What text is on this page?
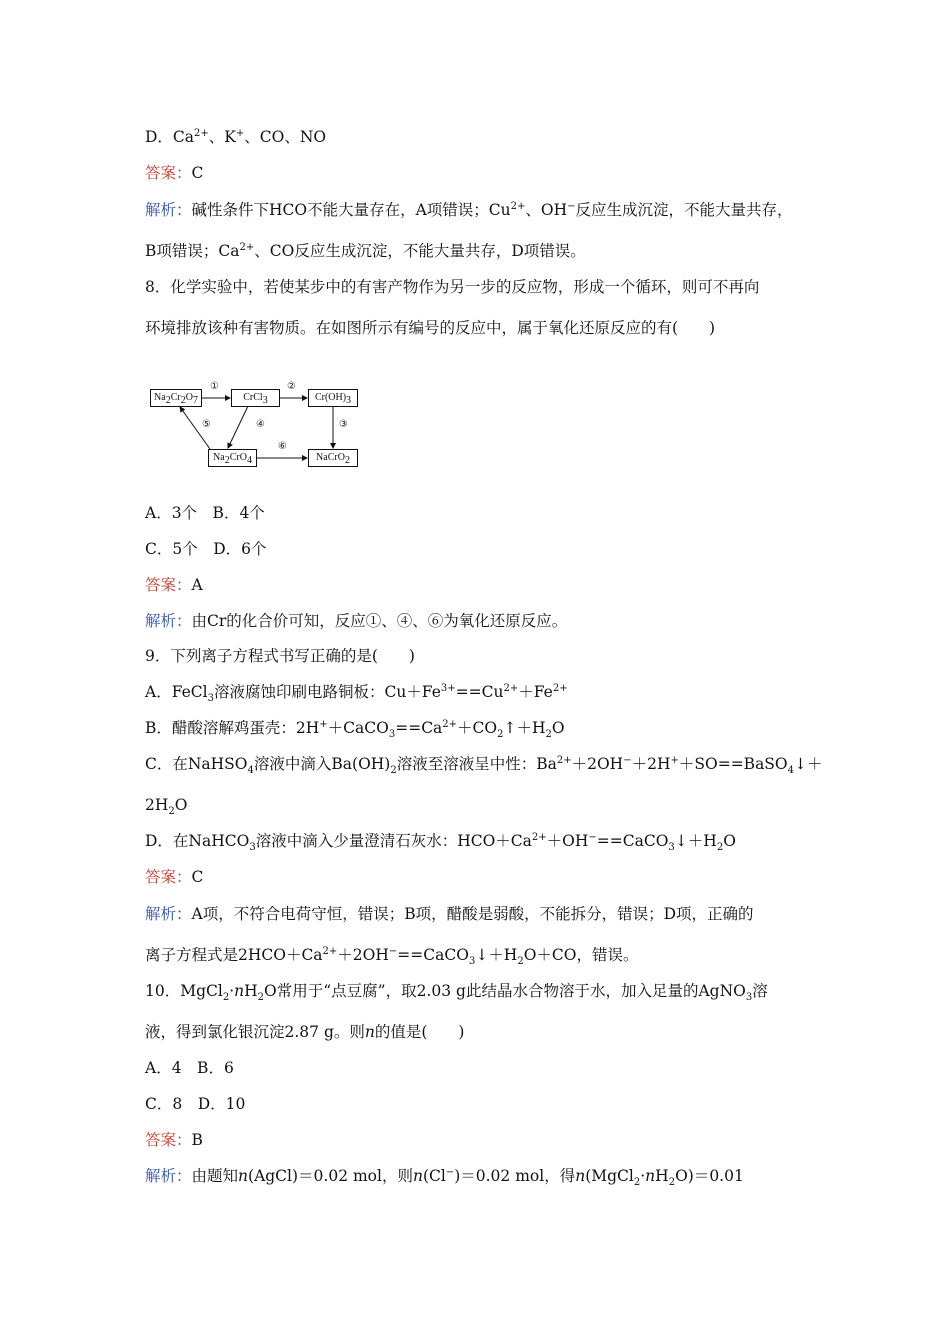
D．$Ca^{2+}$、K+、CO、NO
答案：C
解析：碱性条件下HCO不能大量存在，A项错误；$Cu^{2+}$、OH−反应生成沉淀，不能大量共存，
B项错误；$Ca^{2+}$、CO反应生成沉淀，不能大量共存，D项错误。
8．化学实验中，若使某步中的有害产物作为另一步的反应物，形成一个循环，则可不再向
环境排放该种有害物质。在如图所示有编号的反应中，属于氧化还原反应的有(　　)
$Na_2Cr_2O_7$	CrCl$_3$	$Cr(OH)_3$
$Na_2CrO_4$	NaCrO$_2$
①	②
③
④
⑤
⑥
A．3个　B．4个
C．5个　D．6个
答案：A
解析：由Cr的化合价可知，反应①、④、⑥为氧化还原反应。
9．下列离子方程式书写正确的是(　　)
A．FeCl$_3$溶液腐蚀印刷电路铜板：$Cu+Fe^{3+}==Cu^{2+}+Fe^{2+}$
B．醋酸溶解鸡蛋壳：$2H^++CaCO_3==Ca^{2+}+CO_2↑+H_2O$
C．在NaHSO$_4$溶液中滴入$Ba(OH)_2$溶液至溶液呈中性：$Ba^{2+}+2OH^-+2H^++SO==BaSO_4↓+$
$2H_2O$
D．在NaHCO$_3$溶液中滴入少量澄清石灰水：$HCO+Ca^{2+}+OH^-==CaCO_3↓+H_2O$
答案：C
解析：A项，不符合电荷守恒，错误；B项，醋酸是弱酸，不能拆分，错误；D项，正确的
离子方程式是$2HCO+Ca^{2+}+2OH^-==CaCO_3↓+H_2O+CO$，错误。
10．$MgCl_2\cdot nH_2O$常用于“点豆腐”，取2.03 g此结晶水合物溶于水，加入足量的AgNO$_3$溶
液，得到氯化银沉淀2.87 g。则n的值是(　　)
A．4　B．6
C．8　D．10
答案：B
解析：由题知n(AgCl)＝0.02 mol，则n(Cl−)＝0.02 mol，得$n(MgCl_2\cdot nH_2O)=0.01$
